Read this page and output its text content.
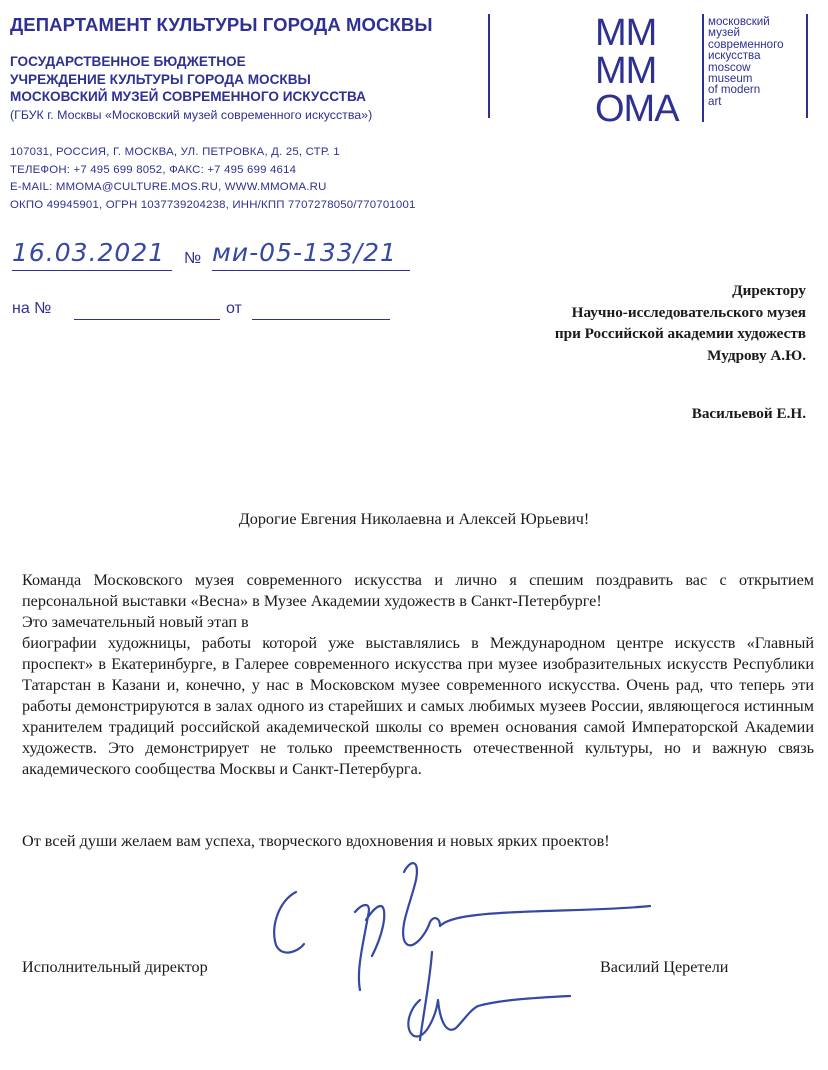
ДЕПАРТАМЕНТ КУЛЬТУРЫ ГОРОДА МОСКВЫ
ГОСУДАРСТВЕННОЕ БЮДЖЕТНОЕ
УЧРЕЖДЕНИЕ КУЛЬТУРЫ ГОРОДА МОСКВЫ
МОСКОВСКИЙ МУЗЕЙ СОВРЕМЕННОГО ИСКУССТВА
(ГБУК г. Москвы «Московский музей современного искусства»)
107031, РОССИЯ, Г. МОСКВА, УЛ. ПЕТРОВКА, Д. 25, СТР. 1
ТЕЛЕФОН: +7 495 699 8052, ФАКС: +7 495 699 4614
E-MAIL: MMOMA@CULTURE.MOS.RU, WWW.MMOMA.RU
ОКПО 49945901, ОГРН 1037739204238, ИНН/КПП 7707278050/770701001
ММ
ММ
OMA
московский
музей
современного
искусства
moscow
museum
of modern
art
16.03.2021	№ ми-05-133/21
на №	от
Директору
Научно-исследовательского музея
при Российской академии художеств
Мудрову А.Ю.
Васильевой Е.Н.
Дорогие Евгения Николаевна и Алексей Юрьевич!

Команда Московского музея современного искусства и лично я спешим поздравить вас с открытием персональной выставки «Весна» в Музее Академии художеств в Санкт-Петербурге!

Это замечательный новый этап в

биографии художницы, работы которой уже выставлялись в Международном центре искусств «Главный проспект» в Екатеринбурге, в Галерее современного искусства при музее изобразительных искусств Республики Татарстан в Казани и, конечно, у нас в Московском музее современного искусства. Очень рад, что теперь эти работы демонстрируются в залах одного из старейших и самых любимых музеев России, являющегося истинным хранителем традиций российской академической школы со времен основания самой Императорской Академии художеств. Это демонстрирует не только преемственность отечественной культуры, но и важную связь академического сообщества Москвы и Санкт-Петербурга.

От всей души желаем вам успеха, творческого вдохновения и новых ярких проектов!
Исполнительный директор	Василий Церетели
